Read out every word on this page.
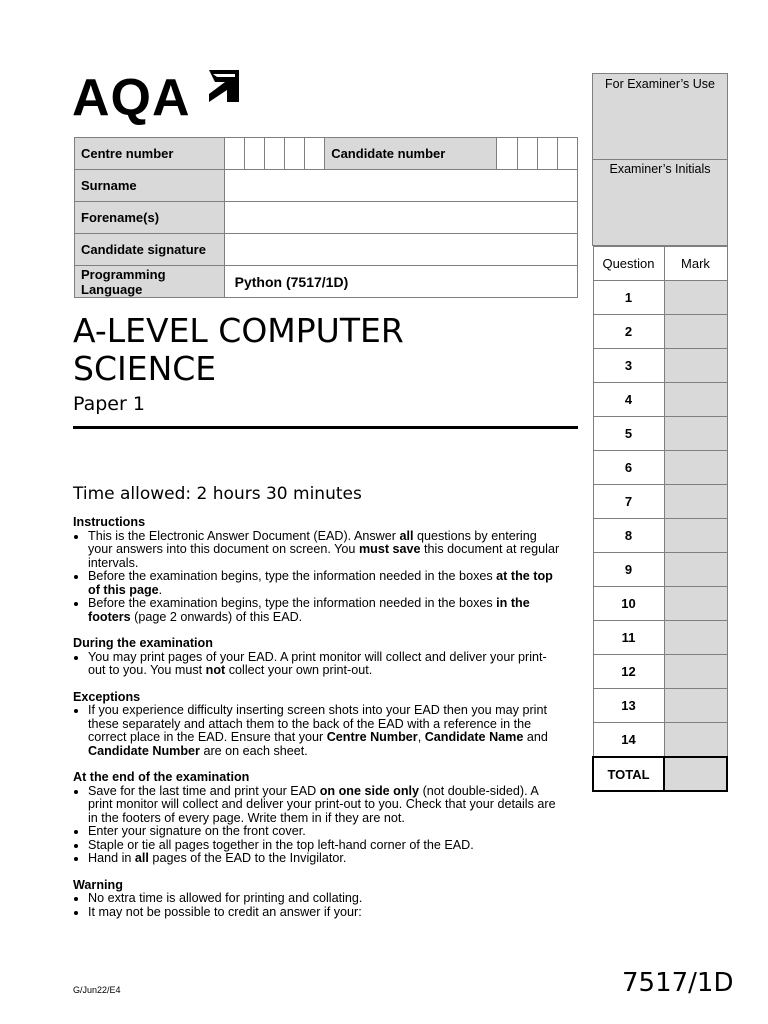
AQA
Centre number						Candidate number				
Surname										
Forename(s)										
Candidate signature										
Programming Language	Python (7517/1D)									
A-LEVEL COMPUTER SCIENCE
Paper 1
Time allowed: 2 hours 30 minutes
Instructions
• This is the Electronic Answer Document (EAD). Answer all questions by entering your answers into this document on screen. You must save this document at regular intervals.
• Before the examination begins, type the information needed in the boxes at the top of this page.
• Before the examination begins, type the information needed in the boxes in the footers (page 2 onwards) of this EAD.
During the examination
• You may print pages of your EAD. A print monitor will collect and deliver your print-out to you. You must not collect your own print-out.
Exceptions
• If you experience difficulty inserting screen shots into your EAD then you may print these separately and attach them to the back of the EAD with a reference in the correct place in the EAD. Ensure that your Centre Number, Candidate Name and Candidate Number are on each sheet.
At the end of the examination
• Save for the last time and print your EAD on one side only (not double-sided). A print monitor will collect and deliver your print-out to you. Check that your details are in the footers of every page. Write them in if they are not.
• Enter your signature on the front cover.
• Staple or tie all pages together in the top left-hand corner of the EAD.
• Hand in all pages of the EAD to the Invigilator.
Warning
• No extra time is allowed for printing and collating.
• It may not be possible to credit an answer if your:
G/Jun22/E4	7517/1D
For Examiner’s Use
Examiner’s Initials
Question	Mark
1	
2	
3	
4	
5	
6	
7	
8	
9	
10	
11	
12	
13	
14	
TOTAL	
